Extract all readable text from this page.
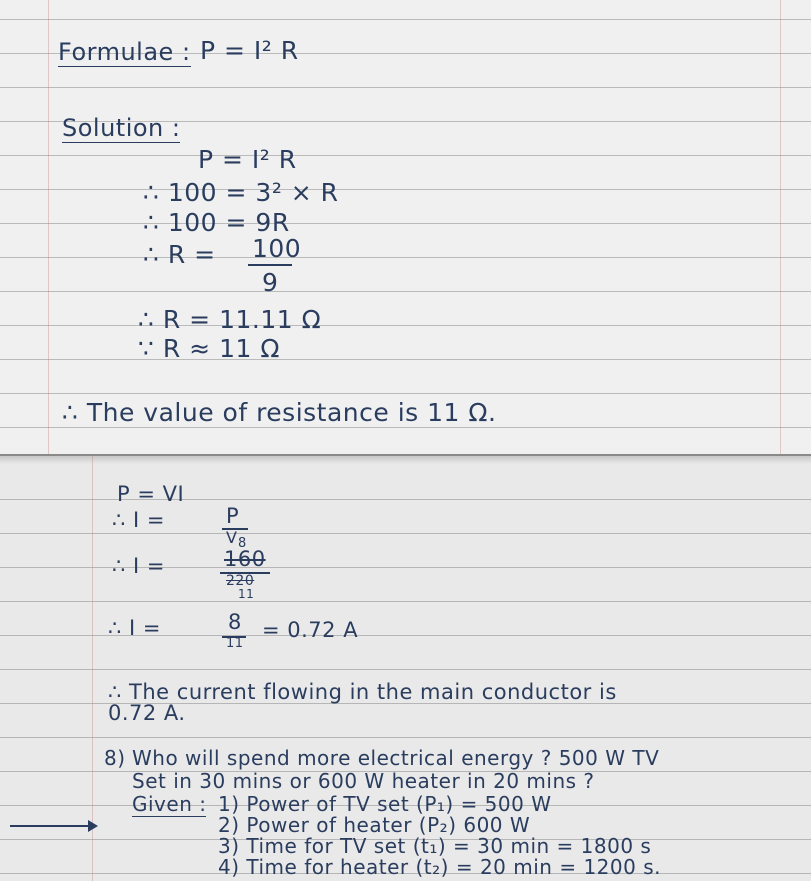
Formulae : P = I² R
Solution :
P = I² R
∴ 100 = 3² × R
∴ 100 = 9R
∴ R = 100
9
∴ R = 11.11 Ω
∵ R ≈ 11 Ω
∴ The value of resistance is 11 Ω.
P = VI
∴ I =	P
V 8
∴ I =	160
220
11
∴ I =	8
11
= 0.72 A
∴ The current flowing in the main conductor is
0.72 A.
8) Who will spend more electrical energy ? 500 W TV
Set in 30 mins or 600 W heater in 20 mins ?
Given : 1) Power of TV set (P₁) = 500 W
2) Power of heater (P₂) 600 W
3) Time for TV set (t₁) = 30 min = 1800 s
4) Time for heater (t₂) = 20 min = 1200 s.
